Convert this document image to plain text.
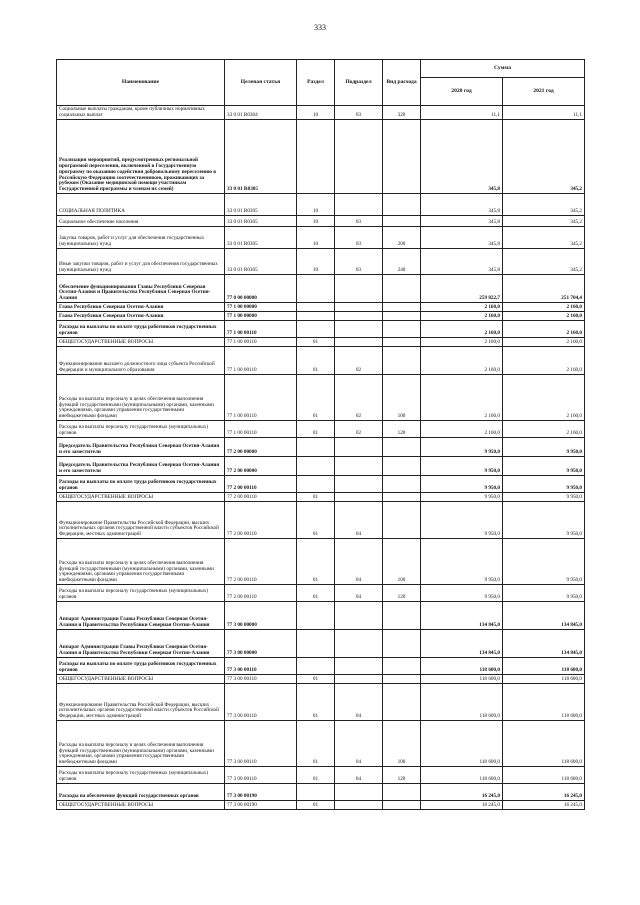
333
Наименование	Целевая статья	Раздел	Подраздел	Вид расхода	Сумма	
					2020 год	2021 год
Социальные выплаты гражданам, кроме публичных нормативных социальных выплат	33 0 01 R0304	10	03	320	11,1	11,1
Реализация мероприятий, предусмотренных региональной программой переселения, включенной в Государственную программу по оказанию содействия добровольному переселению в Российскую Федерацию соотечественников, проживающих за рубежом (Оказание медицинской помощи участникам Государственной программы и членам их семей)	33 0 01 R0305				345,8	345,2
СОЦИАЛЬНАЯ ПОЛИТИКА	33 0 01 R0305	10			345,8	345,2
Социальное обеспечение населения	33 0 01 R0305	10	03		345,8	345,2
Закупка товаров, работ и услуг для обеспечения государственных (муниципальных) нужд	33 0 01 R0305	10	03	200	345,8	345,2
Иные закупки товаров, работ и услуг для обеспечения государственных (муниципальных) нужд	33 0 01 R0305	10	03	240	345,8	345,2
Обеспечение функционирования Главы Республики Северная Осетия-Алания и Правительства Республики Северная Осетия-Алания	77 0 00 00000				259 822,7	251 704,4
Глава Республики Северная Осетия-Алания	77 1 00 00000				2 160,0	2 160,0
Глава Республики Северная Осетия-Алания	77 1 00 00000				2 160,0	2 160,0
Расходы на выплаты по оплате труда работников государственных органов	77 1 00 00110				2 160,0	2 160,0
ОБЩЕГОСУДАРСТВЕННЫЕ ВОПРОСЫ	77 1 00 00110	01			2 160,0	2 160,0
Функционирование высшего должностного лица субъекта Российской Федерации и муниципального образования	77 1 00 00110	01	02		2 160,0	2 160,0
Расходы на выплаты персоналу в целях обеспечения выполнения функций государственными (муниципальными) органами, казенными учреждениями, органами управления государственными внебюджетными фондами	77 1 00 00110	01	02	100	2 160,0	2 160,0
Расходы на выплаты персоналу государственных (муниципальных) органов	77 1 00 00110	01	02	120	2 160,0	2 160,0
Председатель Правительства Республики Северная Осетия-Алания и его заместители	77 2 00 00000				9 950,0	9 950,0
Председатель Правительства Республики Северная Осетия-Алания и его заместители	77 2 00 00000				9 950,0	9 950,0
Расходы на выплаты по оплате труда работников государственных органов	77 2 00 00110				9 950,0	9 950,0
ОБЩЕГОСУДАРСТВЕННЫЕ ВОПРОСЫ	77 2 00 00110	01			9 950,0	9 950,0
Функционирование Правительства Российской Федерации, высших исполнительных органов государственной власти субъектов Российской Федерации, местных администраций	77 2 00 00110	01	04		9 950,0	9 950,0
Расходы на выплаты персоналу в целях обеспечения выполнения функций государственными (муниципальными) органами, казенными учреждениями, органами управления государственными внебюджетными фондами	77 2 00 00110	01	04	100	9 950,0	9 950,0
Расходы на выплаты персоналу государственных (муниципальных) органов	77 2 00 00110	01	04	120	9 950,0	9 950,0
Аппарат Администрации Главы Республики Северная Осетия-Алания и Правительства Республики Северная Осетия-Алания	77 3 00 00000				134 845,0	134 845,0
Аппарат Администрации Главы Республики Северная Осетия-Алания и Правительства Республики Северная Осетия-Алания	77 3 00 00000				134 845,0	134 845,0
Расходы на выплаты по оплате труда работников государственных органов	77 3 00 00110				118 600,0	118 600,0
ОБЩЕГОСУДАРСТВЕННЫЕ ВОПРОСЫ	77 3 00 00110	01			118 600,0	118 600,0
Функционирование Правительства Российской Федерации, высших исполнительных органов государственной власти субъектов Российской Федерации, местных администраций	77 3 00 00110	01	04		118 600,0	118 600,0
Расходы на выплаты персоналу в целях обеспечения выполнения функций государственными (муниципальными) органами, казенными учреждениями, органами управления государственными внебюджетными фондами	77 3 00 00110	01	04	100	118 600,0	118 600,0
Расходы на выплаты персоналу государственных (муниципальных) органов	77 3 00 00110	01	04	120	118 600,0	118 600,0
Расходы на обеспечение функций государственных органов	77 3 00 00190				16 245,0	16 245,0
ОБЩЕГОСУДАРСТВЕННЫЕ ВОПРОСЫ	77 3 00 00190	01			16 245,0	16 245,0
